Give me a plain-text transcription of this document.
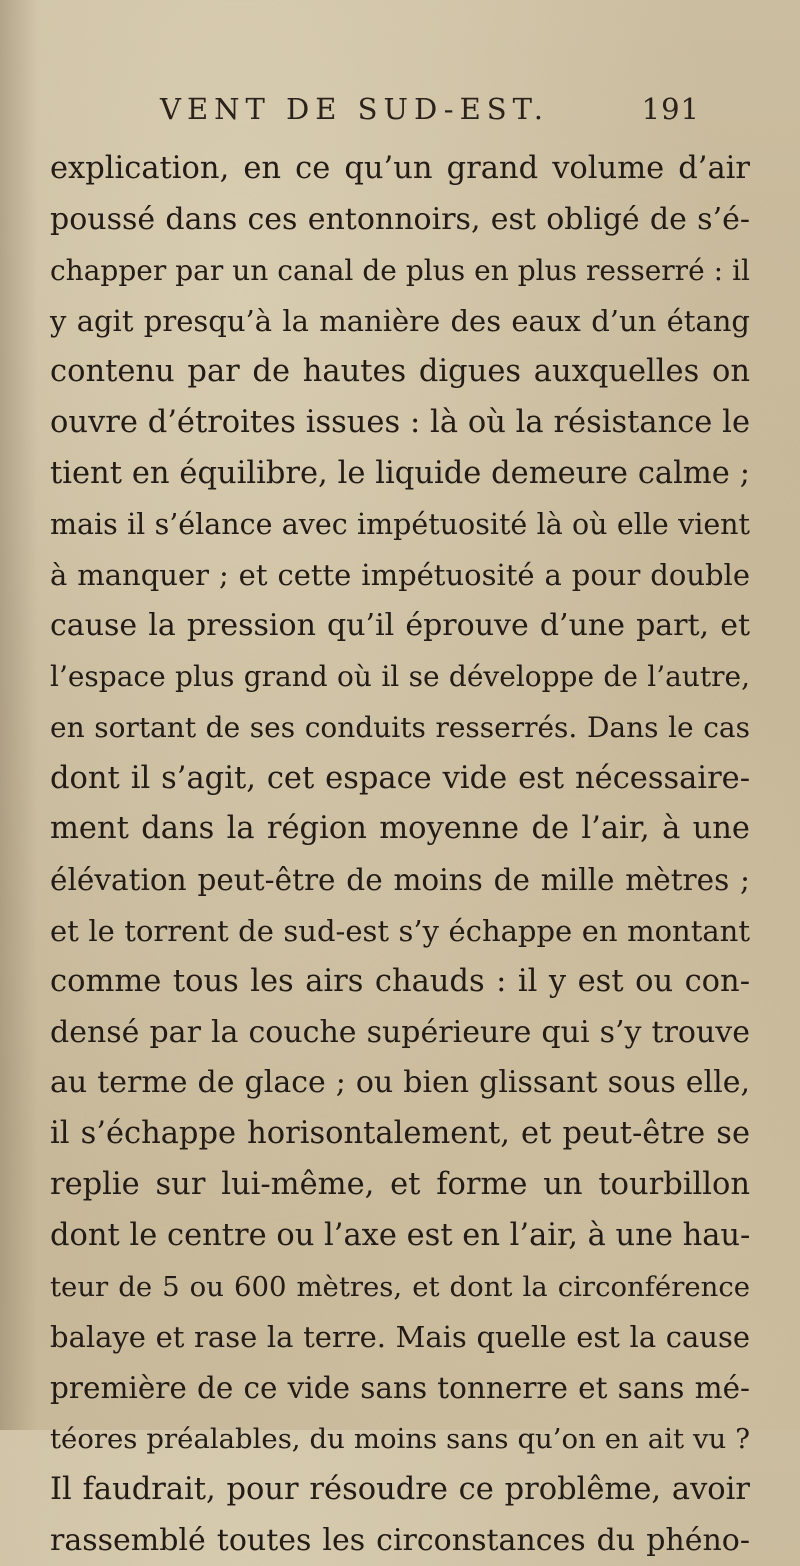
VENT DE SUD-EST.	191
explication, en ce qu’un grand volume d’air
poussé dans ces entonnoirs, est obligé de s’é-
chapper par un canal de plus en plus resserré : il
y agit presqu’à la manière des eaux d’un étang
contenu par de hautes digues auxquelles on
ouvre d’étroites issues : là où la résistance le
tient en équilibre, le liquide demeure calme ;
mais il s’élance avec impétuosité là où elle vient
à manquer ; et cette impétuosité a pour double
cause la pression qu’il éprouve d’une part, et
l’espace plus grand où il se développe de l’autre,
en sortant de ses conduits resserrés. Dans le cas
dont il s’agit, cet espace vide est nécessaire-
ment dans la région moyenne de l’air, à une
élévation peut-être de moins de mille mètres ;
et le torrent de sud-est s’y échappe en montant
comme tous les airs chauds : il y est ou con-
densé par la couche supérieure qui s’y trouve
au terme de glace ; ou bien glissant sous elle,
il s’échappe horisontalement, et peut-être se
replie sur lui-même, et forme un tourbillon
dont le centre ou l’axe est en l’air, à une hau-
teur de 5 ou 600 mètres, et dont la circonférence
balaye et rase la terre. Mais quelle est la cause
première de ce vide sans tonnerre et sans mé-
téores préalables, du moins sans qu’on en ait vu ?
Il faudrait, pour résoudre ce problême, avoir
rassemblé toutes les circonstances du phéno-
